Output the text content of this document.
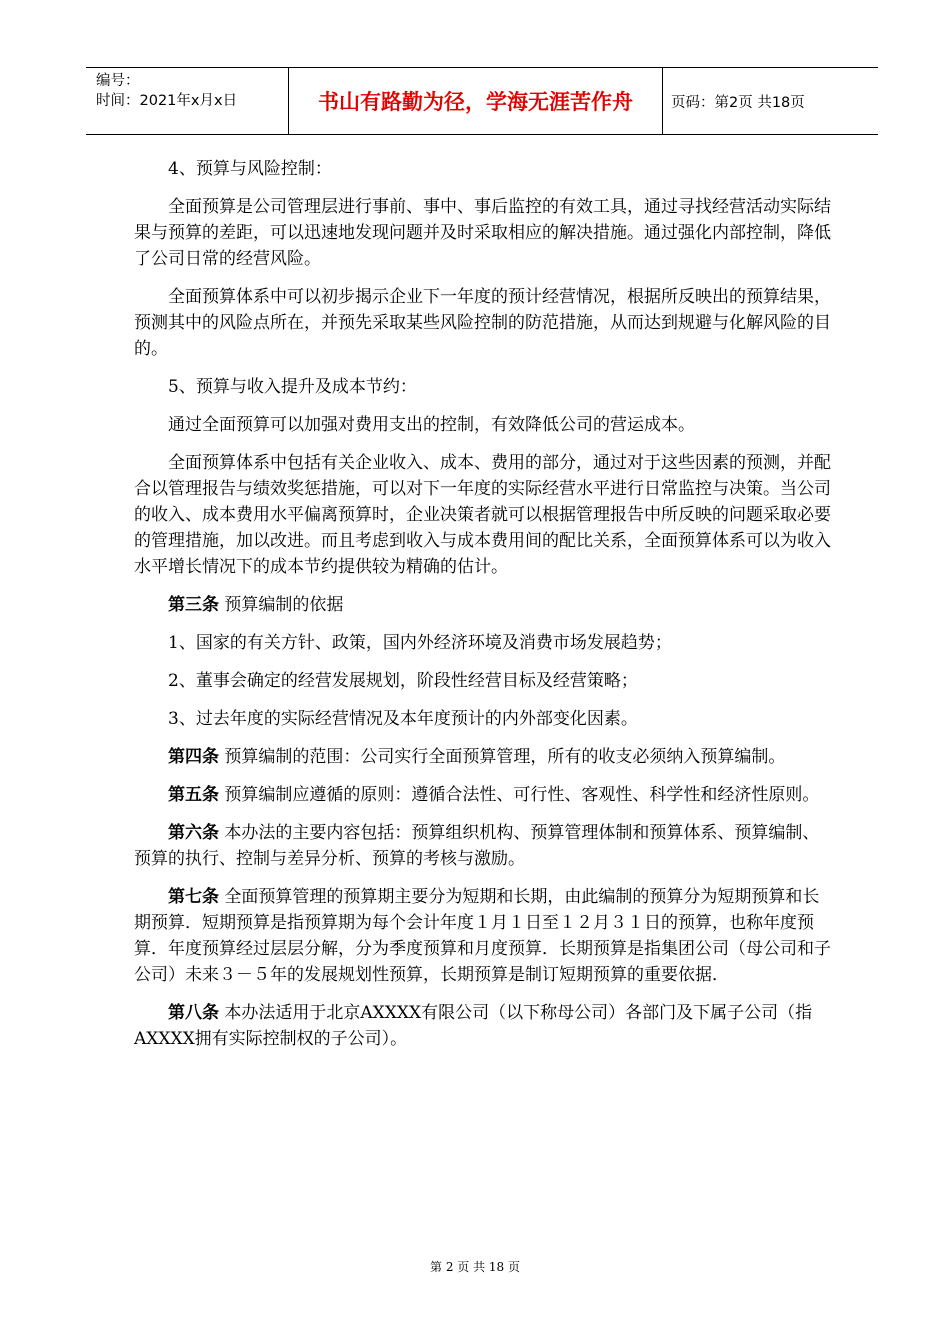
编号：
时间：2021年x月x日	书山有路勤为径，学海无涯苦作舟	页码：第2页 共18页

4、预算与风险控制：

全面预算是公司管理层进行事前、事中、事后监控的有效工具，通过寻找经营活动实际结果与预算的差距，可以迅速地发现问题并及时采取相应的解决措施。通过强化内部控制，降低了公司日常的经营风险。

全面预算体系中可以初步揭示企业下一年度的预计经营情况，根据所反映出的预算结果，预测其中的风险点所在，并预先采取某些风险控制的防范措施，从而达到规避与化解风险的目的。

5、预算与收入提升及成本节约：

通过全面预算可以加强对费用支出的控制，有效降低公司的营运成本。

全面预算体系中包括有关企业收入、成本、费用的部分，通过对于这些因素的预测，并配合以管理报告与绩效奖惩措施，可以对下一年度的实际经营水平进行日常监控与决策。当公司的收入、成本费用水平偏离预算时，企业决策者就可以根据管理报告中所反映的问题采取必要的管理措施，加以改进。而且考虑到收入与成本费用间的配比关系，全面预算体系可以为收入水平增长情况下的成本节约提供较为精确的估计。

第三条 预算编制的依据

1、国家的有关方针、政策，国内外经济环境及消费市场发展趋势；

2、董事会确定的经营发展规划，阶段性经营目标及经营策略；

3、过去年度的实际经营情况及本年度预计的内外部变化因素。

第四条 预算编制的范围：公司实行全面预算管理，所有的收支必须纳入预算编制。

第五条 预算编制应遵循的原则：遵循合法性、可行性、客观性、科学性和经济性原则。

第六条 本办法的主要内容包括：预算组织机构、预算管理体制和预算体系、预算编制、预算的执行、控制与差异分析、预算的考核与激励。

第七条 全面预算管理的预算期主要分为短期和长期，由此编制的预算分为短期预算和长期预算．短期预算是指预算期为每个会计年度１月１日至１２月３１日的预算，也称年度预算．年度预算经过层层分解，分为季度预算和月度预算．长期预算是指集团公司（母公司和子公司）未来３－５年的发展规划性预算，长期预算是制订短期预算的重要依据．

第八条 本办法适用于北京AXXXX有限公司（以下称母公司）各部门及下属子公司（指AXXXX拥有实际控制权的子公司）。

第 2 页 共 18 页
